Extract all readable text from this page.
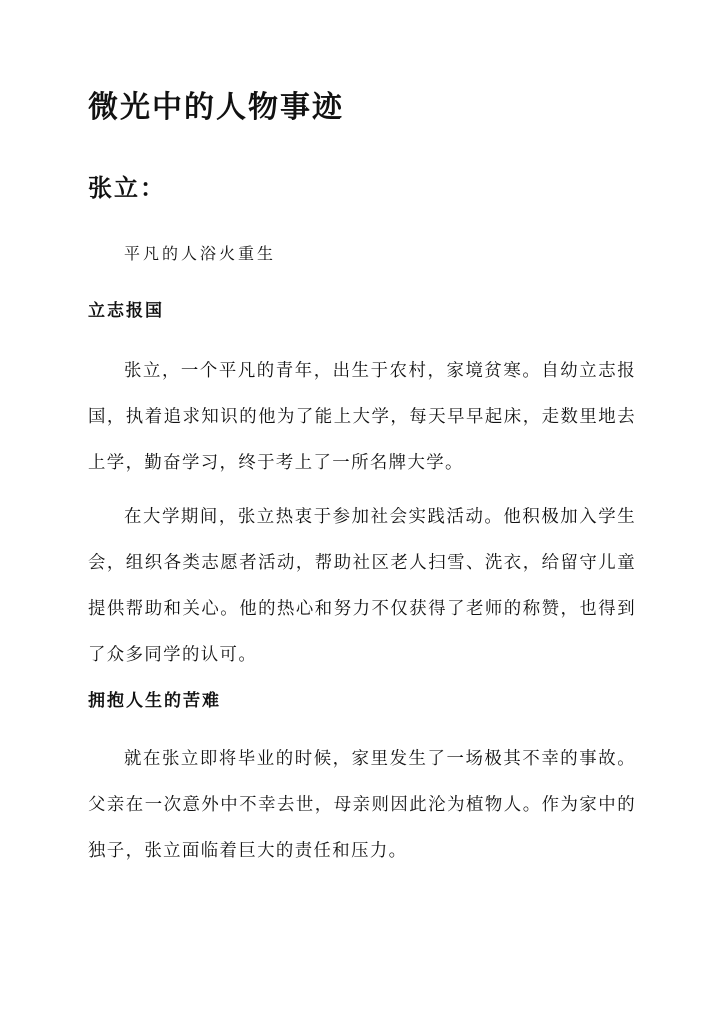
微光中的人物事迹
张立：

平凡的人浴火重生

立志报国

张立，一个平凡的青年，出生于农村，家境贫寒。自幼立志报国，执着追求知识的他为了能上大学，每天早早起床，走数里地去上学，勤奋学习，终于考上了一所名牌大学。

在大学期间，张立热衷于参加社会实践活动。他积极加入学生会，组织各类志愿者活动，帮助社区老人扫雪、洗衣，给留守儿童提供帮助和关心。他的热心和努力不仅获得了老师的称赞，也得到了众多同学的认可。

拥抱人生的苦难

就在张立即将毕业的时候，家里发生了一场极其不幸的事故。父亲在一次意外中不幸去世，母亲则因此沦为植物人。作为家中的独子，张立面临着巨大的责任和压力。
